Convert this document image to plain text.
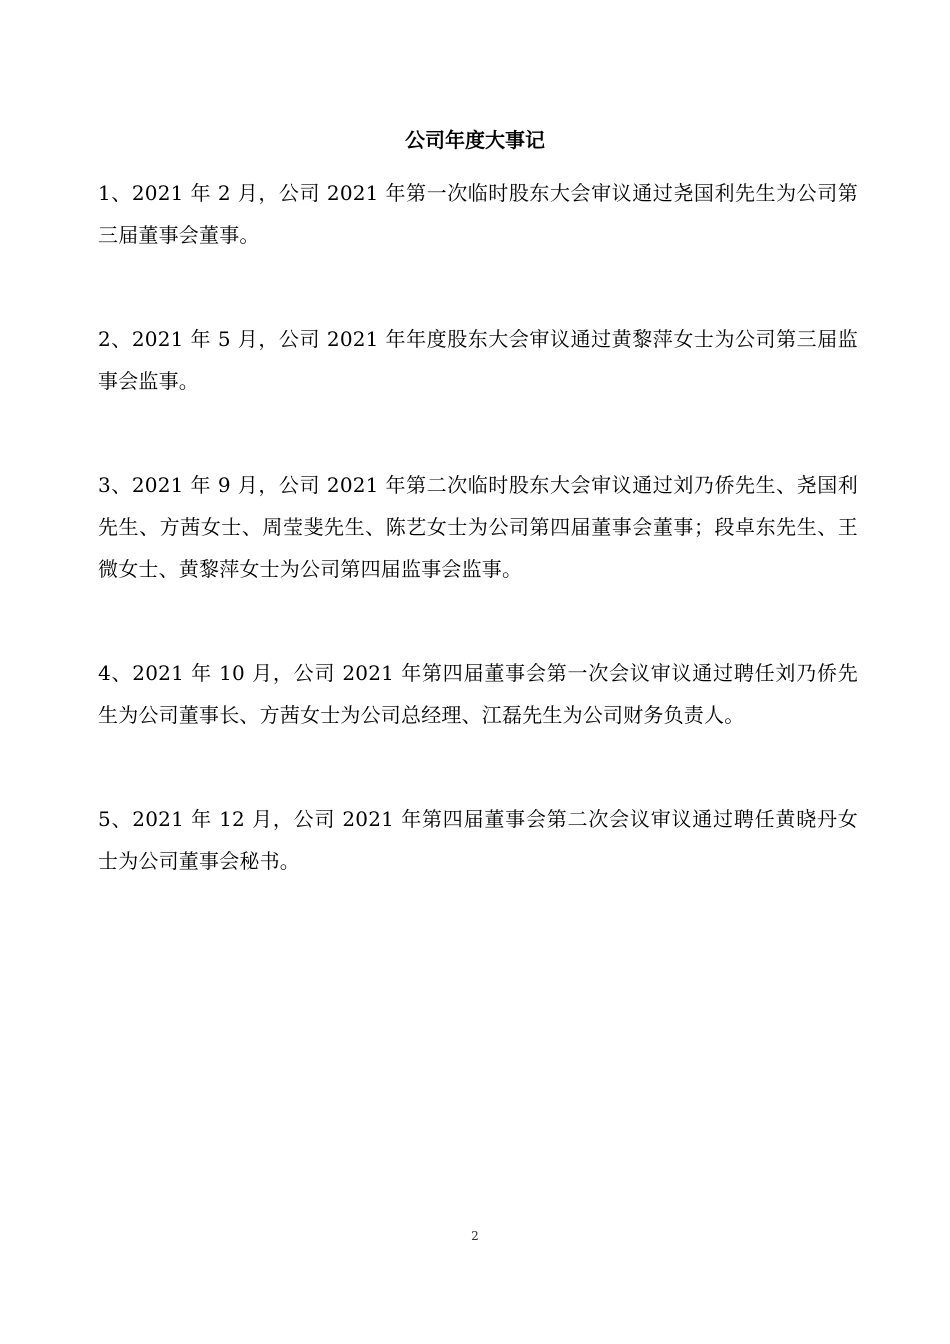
公司年度大事记
1、2021 年 2 月，公司 2021 年第一次临时股东大会审议通过尧国利先生为公司第三届董事会董事。
2、2021 年 5 月，公司 2021 年年度股东大会审议通过黄黎萍女士为公司第三届监事会监事。
3、2021 年 9 月，公司 2021 年第二次临时股东大会审议通过刘乃侨先生、尧国利先生、方茜女士、周莹斐先生、陈艺女士为公司第四届董事会董事；段卓东先生、王微女士、黄黎萍女士为公司第四届监事会监事。
4、2021 年 10 月，公司 2021 年第四届董事会第一次会议审议通过聘任刘乃侨先生为公司董事长、方茜女士为公司总经理、江磊先生为公司财务负责人。
5、2021 年 12 月，公司 2021 年第四届董事会第二次会议审议通过聘任黄晓丹女士为公司董事会秘书。
2
